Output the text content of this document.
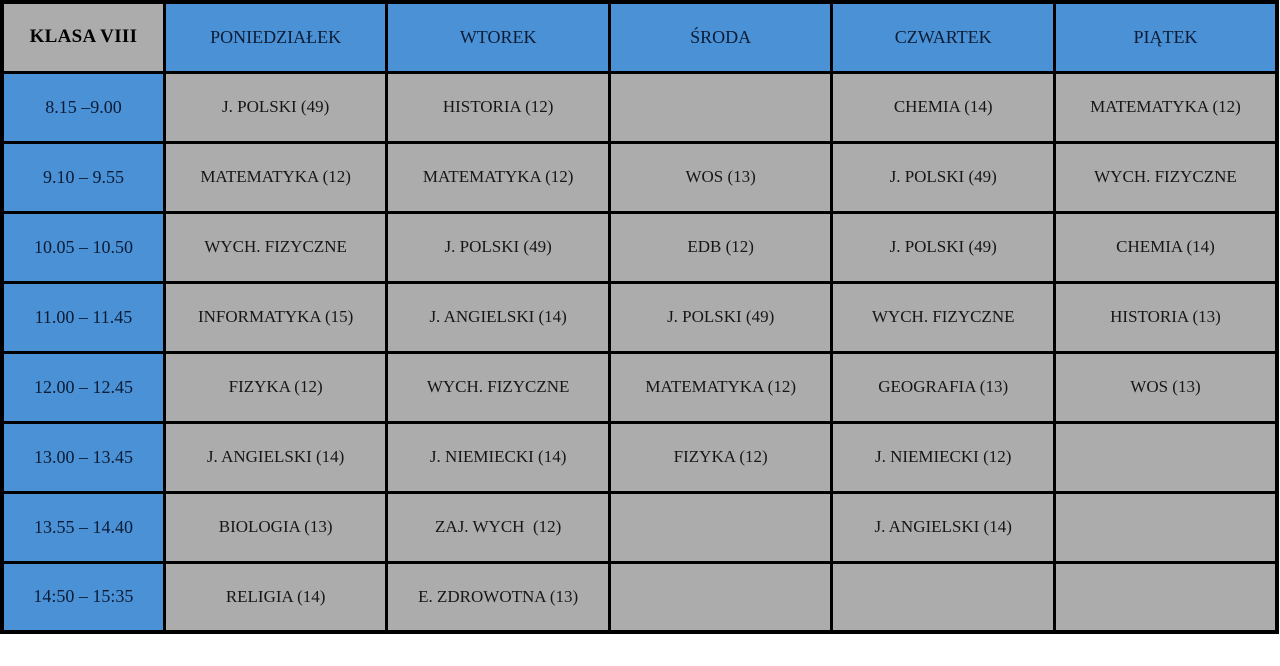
KLASA VIII	PONIEDZIAŁEK	WTOREK	ŚRODA	CZWARTEK	PIĄTEK
8.15 –9.00	J. POLSKI (49)	HISTORIA (12)		CHEMIA (14)	MATEMATYKA (12)
9.10 – 9.55	MATEMATYKA (12)	MATEMATYKA (12)	WOS (13)	J. POLSKI (49)	WYCH. FIZYCZNE
10.05 – 10.50	WYCH. FIZYCZNE	J. POLSKI (49)	EDB (12)	J. POLSKI (49)	CHEMIA (14)
11.00 – 11.45	INFORMATYKA (15)	J. ANGIELSKI (14)	J. POLSKI (49)	WYCH. FIZYCZNE	HISTORIA (13)
12.00 – 12.45	FIZYKA (12)	WYCH. FIZYCZNE	MATEMATYKA (12)	GEOGRAFIA (13)	WOS (13)
13.00 – 13.45	J. ANGIELSKI (14)	J. NIEMIECKI (14)	FIZYKA (12)	J. NIEMIECKI (12)	
13.55 – 14.40	BIOLOGIA (13)	ZAJ. WYCH  (12)		J. ANGIELSKI (14)	
14:50 – 15:35	RELIGIA (14)	E. ZDROWOTNA (13)			
